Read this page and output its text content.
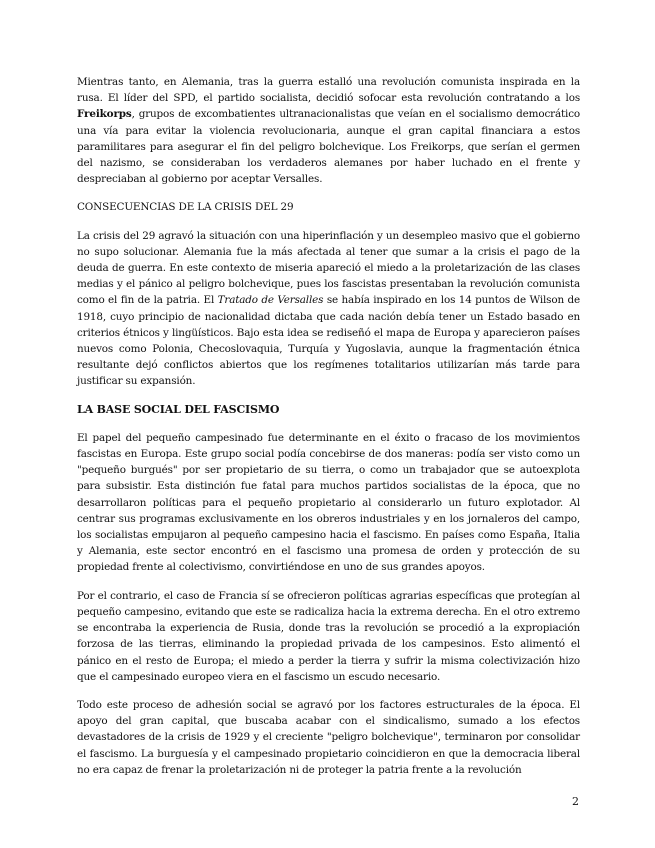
Mientras tanto, en Alemania, tras la guerra estalló una revolución comunista inspirada en la rusa. El líder del SPD, el partido socialista, decidió sofocar esta revolución contratando a los Freikorps, grupos de excombatientes ultranacionalistas que veían en el socialismo democrático una vía para evitar la violencia revolucionaria, aunque el gran capital financiara a estos paramilitares para asegurar el fin del peligro bolchevique. Los Freikorps, que serían el germen del nazismo, se consideraban los verdaderos alemanes por haber luchado en el frente y despreciaban al gobierno por aceptar Versalles.

CONSECUENCIAS DE LA CRISIS DEL 29

La crisis del 29 agravó la situación con una hiperinflación y un desempleo masivo que el gobierno no supo solucionar. Alemania fue la más afectada al tener que sumar a la crisis el pago de la deuda de guerra. En este contexto de miseria apareció el miedo a la proletarización de las clases medias y el pánico al peligro bolchevique, pues los fascistas presentaban la revolución comunista como el fin de la patria. El Tratado de Versalles se había inspirado en los 14 puntos de Wilson de 1918, cuyo principio de nacionalidad dictaba que cada nación debía tener un Estado basado en criterios étnicos y lingüísticos. Bajo esta idea se rediseñó el mapa de Europa y aparecieron países nuevos como Polonia, Checoslovaquia, Turquía y Yugoslavia, aunque la fragmentación étnica resultante dejó conflictos abiertos que los regímenes totalitarios utilizarían más tarde para justificar su expansión.

LA BASE SOCIAL DEL FASCISMO

El papel del pequeño campesinado fue determinante en el éxito o fracaso de los movimientos fascistas en Europa. Este grupo social podía concebirse de dos maneras: podía ser visto como un "pequeño burgués" por ser propietario de su tierra, o como un trabajador que se autoexplota para subsistir. Esta distinción fue fatal para muchos partidos socialistas de la época, que no desarrollaron políticas para el pequeño propietario al considerarlo un futuro explotador. Al centrar sus programas exclusivamente en los obreros industriales y en los jornaleros del campo, los socialistas empujaron al pequeño campesino hacia el fascismo. En países como España, Italia y Alemania, este sector encontró en el fascismo una promesa de orden y protección de su propiedad frente al colectivismo, convirtiéndose en uno de sus grandes apoyos.

Por el contrario, el caso de Francia sí se ofrecieron políticas agrarias específicas que protegían al pequeño campesino, evitando que este se radicaliza hacia la extrema derecha. En el otro extremo se encontraba la experiencia de Rusia, donde tras la revolución se procedió a la expropiación forzosa de las tierras, eliminando la propiedad privada de los campesinos. Esto alimentó el pánico en el resto de Europa; el miedo a perder la tierra y sufrir la misma colectivización hizo que el campesinado europeo viera en el fascismo un escudo necesario.

Todo este proceso de adhesión social se agravó por los factores estructurales de la época. El apoyo del gran capital, que buscaba acabar con el sindicalismo, sumado a los efectos devastadores de la crisis de 1929 y el creciente "peligro bolchevique", terminaron por consolidar el fascismo. La burguesía y el campesinado propietario coincidieron en que la democracia liberal no era capaz de frenar la proletarización ni de proteger la patria frente a la revolución

2
